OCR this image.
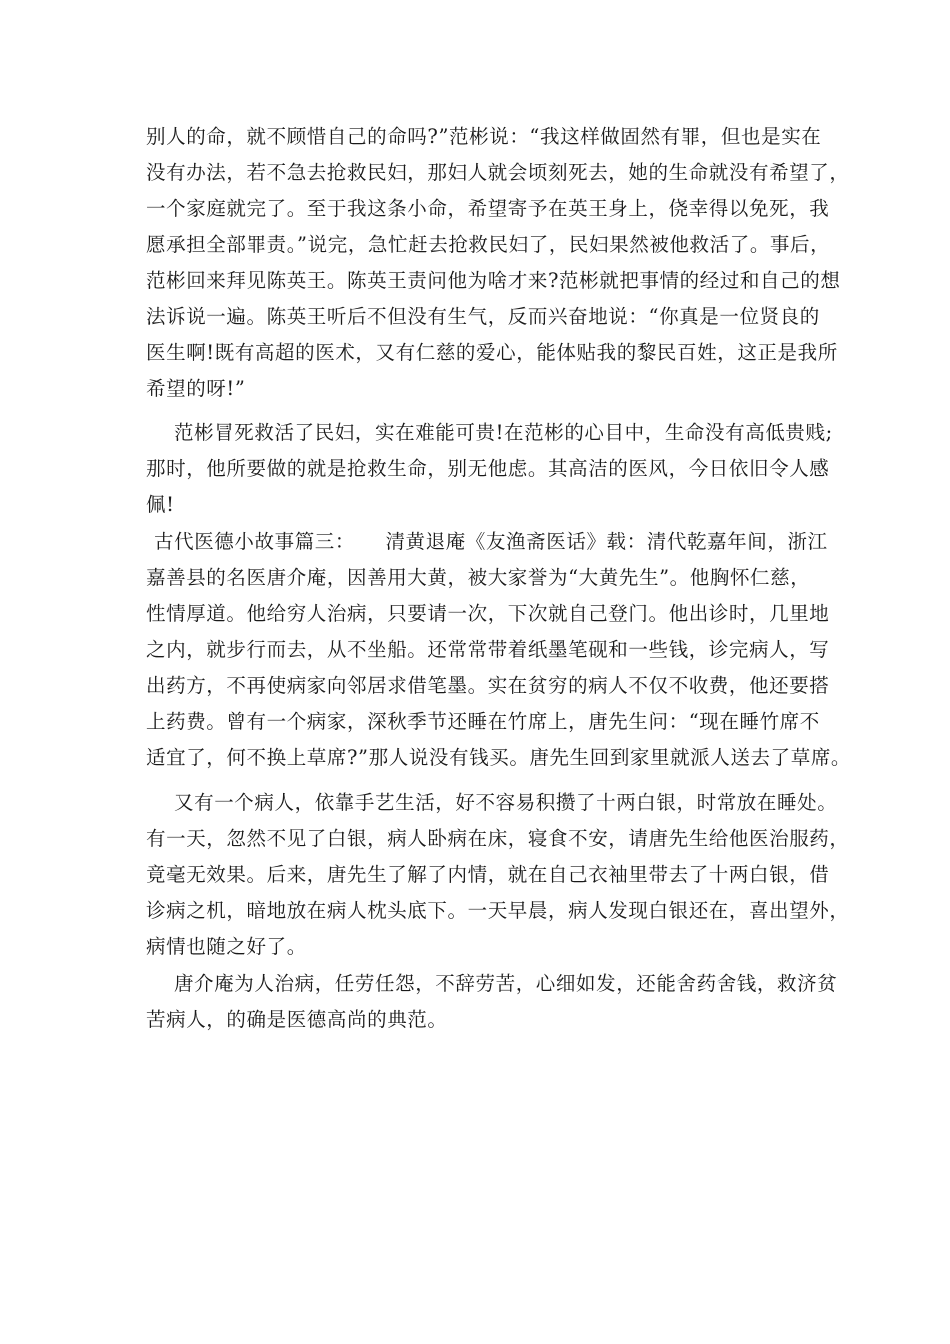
别人的命，就不顾惜自己的命吗?”范彬说：“我这样做固然有罪，但也是实在
没有办法，若不急去抢救民妇，那妇人就会顷刻死去，她的生命就没有希望了，
一个家庭就完了。至于我这条小命，希望寄予在英王身上，侥幸得以免死，我
愿承担全部罪责。”说完，急忙赶去抢救民妇了，民妇果然被他救活了。事后，
范彬回来拜见陈英王。陈英王责问他为啥才来?范彬就把事情的经过和自己的想
法诉说一遍。陈英王听后不但没有生气，反而兴奋地说：“你真是一位贤良的
医生啊!既有高超的医术，又有仁慈的爱心，能体贴我的黎民百姓，这正是我所
希望的呀!”
范彬冒死救活了民妇，实在难能可贵!在范彬的心目中，生命没有高低贵贱;
那时，他所要做的就是抢救生命，别无他虑。其高洁的医风，今日依旧令人感
佩!
古代医德小故事篇三：　　清黄退庵《友渔斋医话》载：清代乾嘉年间，浙江
嘉善县的名医唐介庵，因善用大黄，被大家誉为“大黄先生”。他胸怀仁慈，
性情厚道。他给穷人治病，只要请一次，下次就自己登门。他出诊时，几里地
之内，就步行而去，从不坐船。还常常带着纸墨笔砚和一些钱，诊完病人，写
出药方，不再使病家向邻居求借笔墨。实在贫穷的病人不仅不收费，他还要搭
上药费。曾有一个病家，深秋季节还睡在竹席上，唐先生问：“现在睡竹席不
适宜了，何不换上草席?”那人说没有钱买。唐先生回到家里就派人送去了草席。
又有一个病人，依靠手艺生活，好不容易积攒了十两白银，时常放在睡处。
有一天，忽然不见了白银，病人卧病在床，寝食不安，请唐先生给他医治服药，
竟毫无效果。后来，唐先生了解了内情，就在自己衣袖里带去了十两白银，借
诊病之机，暗地放在病人枕头底下。一天早晨，病人发现白银还在，喜出望外，
病情也随之好了。
唐介庵为人治病，任劳任怨，不辞劳苦，心细如发，还能舍药舍钱，救济贫
苦病人，的确是医德高尚的典范。
